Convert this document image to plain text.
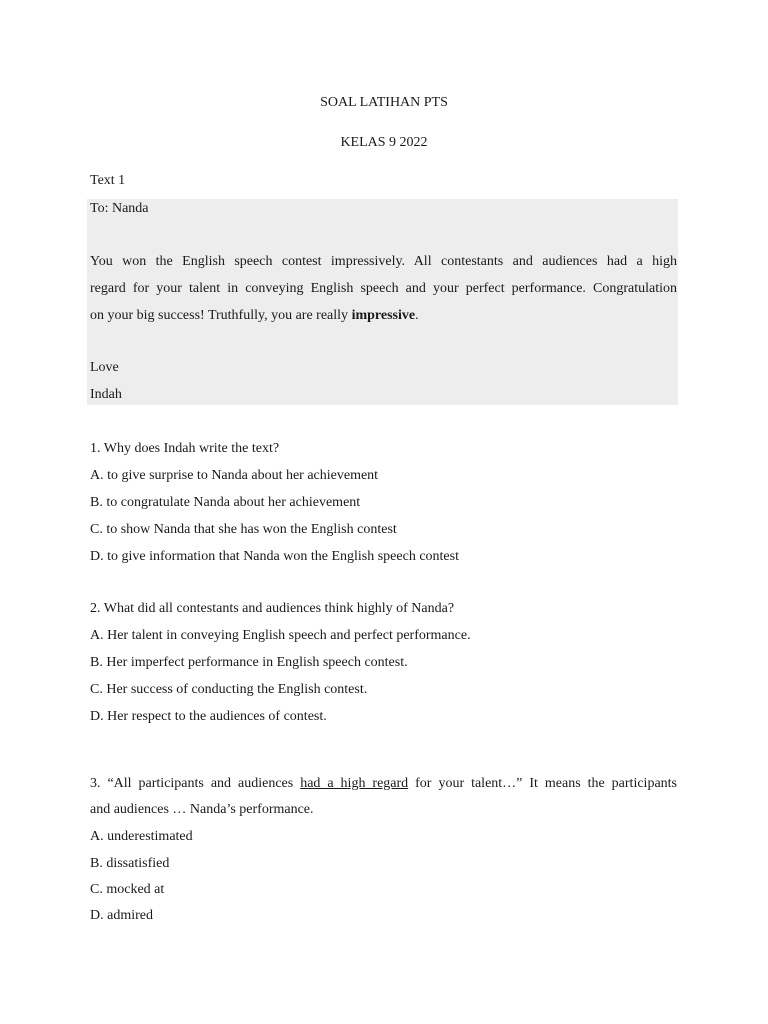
SOAL LATIHAN PTS
KELAS 9 2022
Text 1
To: Nanda
You won the English speech contest impressively. All contestants and audiences had a high
regard for your talent in conveying English speech and your perfect performance. Congratulation
on your big success! Truthfully, you are really impressive.
Love
Indah
1. Why does Indah write the text?
A. to give surprise to Nanda about her achievement
B. to congratulate Nanda about her achievement
C. to show Nanda that she has won the English contest
D. to give information that Nanda won the English speech contest
2. What did all contestants and audiences think highly of Nanda?
A. Her talent in conveying English speech and perfect performance.
B. Her imperfect performance in English speech contest.
C. Her success of conducting the English contest.
D. Her respect to the audiences of contest.
3. “All participants and audiences had a high regard for your talent…” It means the participants
and audiences … Nanda’s performance.
A. underestimated
B. dissatisfied
C. mocked at
D. admired
